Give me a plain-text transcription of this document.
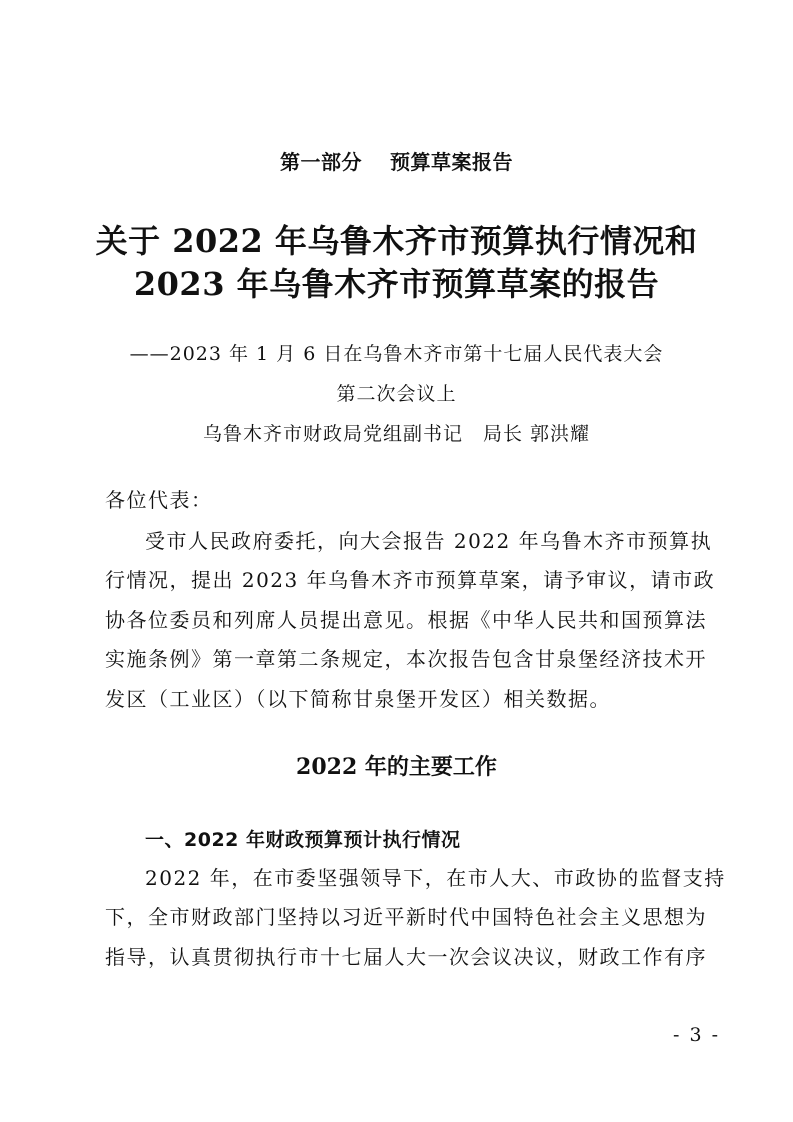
第一部分 预算草案报告

关于 2022 年乌鲁木齐市预算执行情况和
2023 年乌鲁木齐市预算草案的报告

——2023 年 1 月 6 日在乌鲁木齐市第十七届人民代表大会

第二次会议上

乌鲁木齐市财政局党组副书记 局长 郭洪耀

各位代表：

受市人民政府委托，向大会报告 2022 年乌鲁木齐市预算执

行情况，提出 2023 年乌鲁木齐市预算草案，请予审议，请市政

协各位委员和列席人员提出意见。根据《中华人民共和国预算法

实施条例》第一章第二条规定，本次报告包含甘泉堡经济技术开

发区（工业区）（以下简称甘泉堡开发区）相关数据。

2022 年的主要工作
一、2022 年财政预算预计执行情况

2022 年，在市委坚强领导下，在市人大、市政协的监督支持

下，全市财政部门坚持以习近平新时代中国特色社会主义思想为

指导，认真贯彻执行市十七届人大一次会议决议，财政工作有序

- 3 -
